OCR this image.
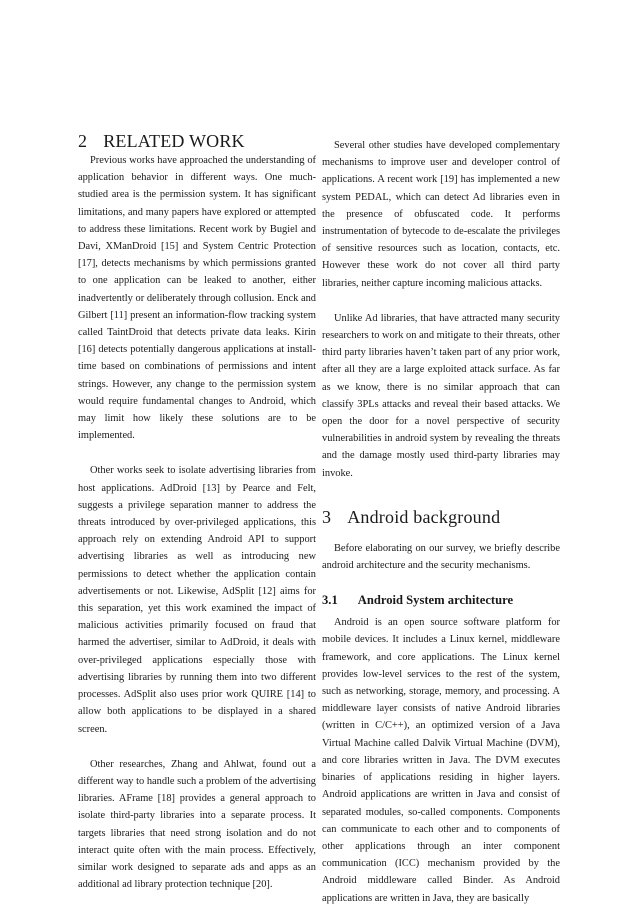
2 RELATED WORK

Previous works have approached the understanding of application behavior in different ways. One much-studied area is the permission system. It has significant limitations, and many papers have explored or attempted to address these limitations. Recent work by Bugiel and Davi, XManDroid [15] and System Centric Protection [17], detects mechanisms by which permissions granted to one application can be leaked to another, either inadvertently or deliberately through collusion. Enck and Gilbert [11] present an information-flow tracking system called TaintDroid that detects private data leaks. Kirin [16] detects potentially dangerous applications at install-time based on combinations of permissions and intent strings. However, any change to the permission system would require fundamental changes to Android, which may limit how likely these solutions are to be implemented.

Other works seek to isolate advertising libraries from host applications. AdDroid [13] by Pearce and Felt, suggests a privilege separation manner to address the threats introduced by over-privileged applications, this approach rely on extending Android API to support advertising libraries as well as introducing new permissions to detect whether the application contain advertisements or not. Likewise, AdSplit [12] aims for this separation, yet this work examined the impact of malicious activities primarily focused on fraud that harmed the advertiser, similar to AdDroid, it deals with over-privileged applications especially those with advertising libraries by running them into two different processes. AdSplit also uses prior work QUIRE [14] to allow both applications to be displayed in a shared screen.

Other researches, Zhang and Ahlwat, found out a different way to handle such a problem of the advertising libraries. AFrame [18] provides a general approach to isolate third-party libraries into a separate process. It targets libraries that need strong isolation and do not interact quite often with the main process. Effectively, similar work designed to separate ads and apps as an additional ad library protection technique [20].

Several other studies have developed complementary mechanisms to improve user and developer control of applications. A recent work [19] has implemented a new system PEDAL, which can detect Ad libraries even in the presence of obfuscated code. It performs instrumentation of bytecode to de-escalate the privileges of sensitive resources such as location, contacts, etc. However these work do not cover all third party libraries, neither capture incoming malicious attacks.

Unlike Ad libraries, that have attracted many security researchers to work on and mitigate to their threats, other third party libraries haven’t taken part of any prior work, after all they are a large exploited attack surface. As far as we know, there is no similar approach that can classify 3PLs attacks and reveal their based attacks. We open the door for a novel perspective of security vulnerabilities in android system by revealing the threats and the damage mostly used third-party libraries may invoke.

3 Android background

Before elaborating on our survey, we briefly describe android architecture and the security mechanisms.

3.1 Android System architecture

Android is an open source software platform for mobile devices. It includes a Linux kernel, middleware framework, and core applications. The Linux kernel provides low-level services to the rest of the system, such as networking, storage, memory, and processing. A middleware layer consists of native Android libraries (written in C/C++), an optimized version of a Java Virtual Machine called Dalvik Virtual Machine (DVM), and core libraries written in Java. The DVM executes binaries of applications residing in higher layers. Android applications are written in Java and consist of separated modules, so-called components. Components can communicate to each other and to components of other applications through an inter component communication (ICC) mechanism provided by the Android middleware called Binder. As Android applications are written in Java, they are basically
